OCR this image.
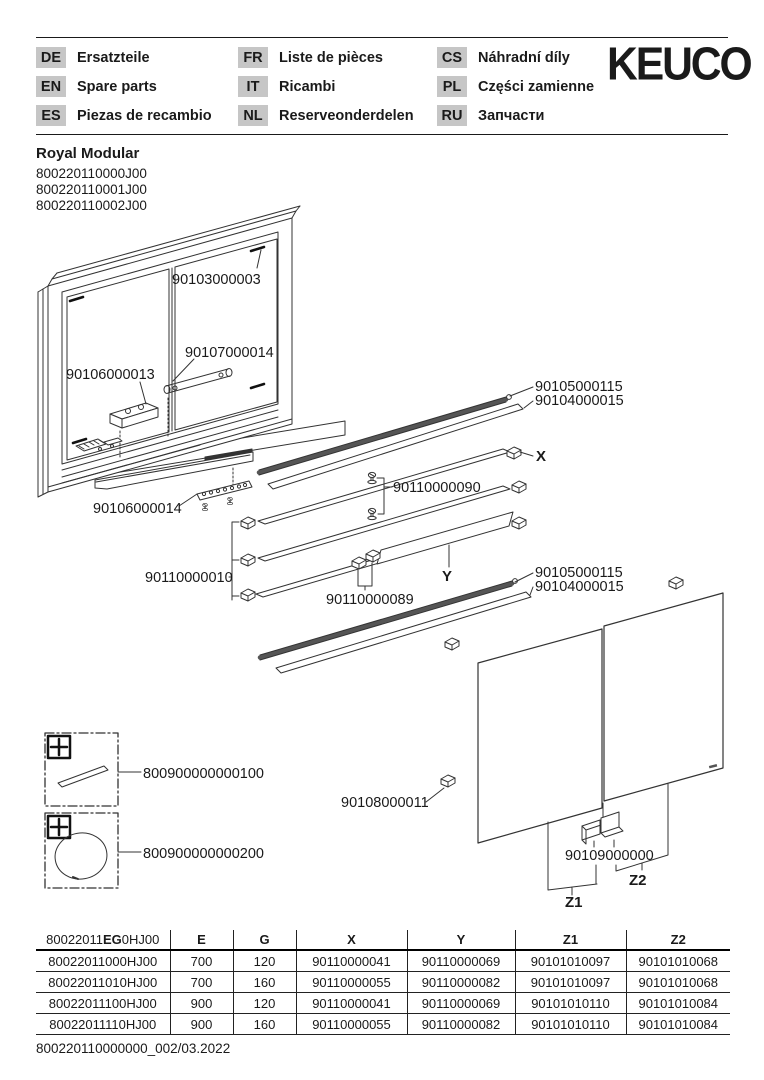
DE	Ersatzteile
EN	Spare parts
ES	Piezas de recambio
FR	Liste de pièces
IT	Ricambi
NL	Reserveonderdelen
CS	Náhradní díly
PL	Części zamienne
RU	Запчасти
KEUCO
Royal Modular
800220110000J00
800220110001J00
800220110002J00
90103000003
90107000014
90106000013
90106000014
90105000115
90104000015
X
90110000090
90110000010
90110000089
Y	90105000115
90104000015
90108000011
90109000000
Z1
Z2
800900000000100
800900000000200
80022011EG0HJ00	E	G	X	Y	Z1	Z2
80022011000HJ00	700	120	90110000041	90110000069	90101010097	90101010068
80022011010HJ00	700	160	90110000055	90110000082	90101010097	90101010068
80022011100HJ00	900	120	90110000041	90110000069	90101010110	90101010084
80022011110HJ00	900	160	90110000055	90110000082	90101010110	90101010084
800220110000000_002/03.2022
